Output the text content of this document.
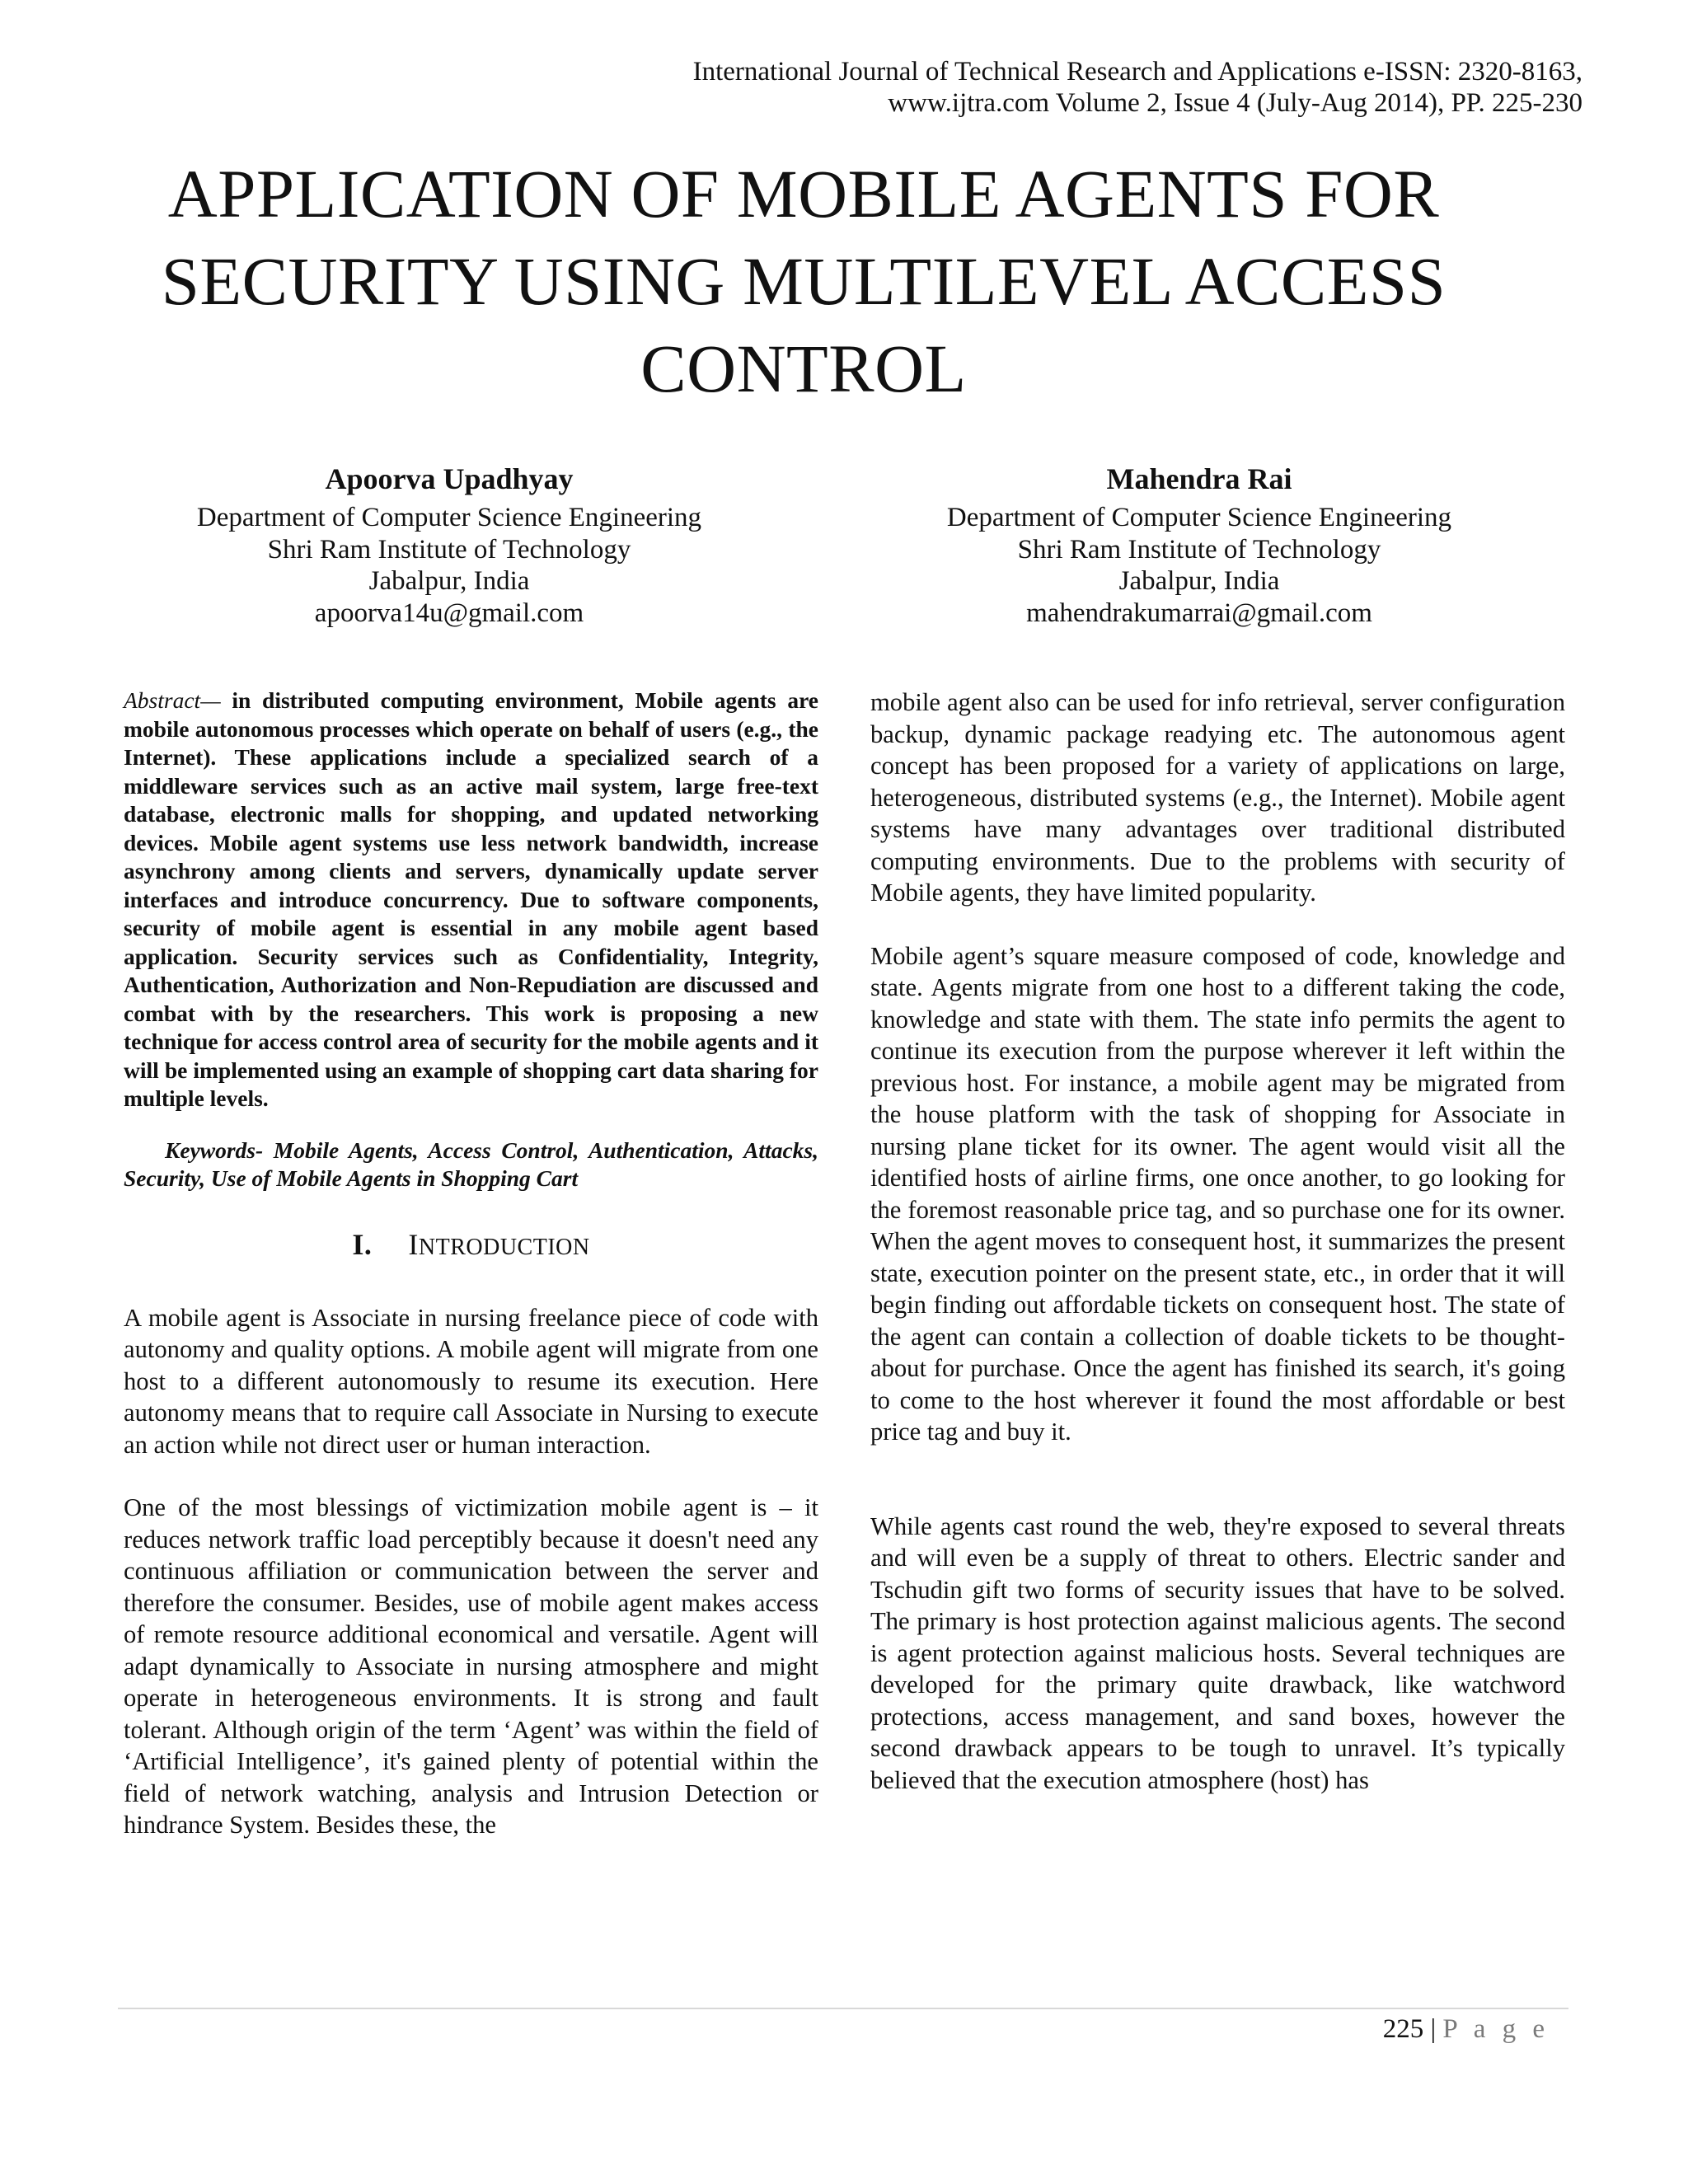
International Journal of Technical Research and Applications e-ISSN: 2320-8163,
www.ijtra.com Volume 2, Issue 4 (July-Aug 2014), PP. 225-230
APPLICATION OF MOBILE AGENTS FOR
SECURITY USING MULTILEVEL ACCESS
CONTROL
Apoorva Upadhyay
Department of Computer Science Engineering
Shri Ram Institute of Technology
Jabalpur, India
apoorva14u@gmail.com
Mahendra Rai
Department of Computer Science Engineering
Shri Ram Institute of Technology
Jabalpur, India
mahendrakumarrai@gmail.com

Abstract— in distributed computing environment, Mobile agents are mobile autonomous processes which operate on behalf of users (e.g., the Internet). These applications include a specialized search of a middleware services such as an active mail system, large free-text database, electronic malls for shopping, and updated networking devices. Mobile agent systems use less network bandwidth, increase asynchrony among clients and servers, dynamically update server interfaces and introduce concurrency. Due to software components, security of mobile agent is essential in any mobile agent based application. Security services such as Confidentiality, Integrity, Authentication, Authorization and Non-Repudiation are discussed and combat with by the researchers. This work is proposing a new technique for access control area of security for the mobile agents and it will be implemented using an example of shopping cart data sharing for multiple levels.

Keywords- Mobile Agents, Access Control, Authentication, Attacks, Security, Use of Mobile Agents in Shopping Cart

I. INTRODUCTION

A mobile agent is Associate in nursing freelance piece of code with autonomy and quality options. A mobile agent will migrate from one host to a different autonomously to resume its execution. Here autonomy means that to require call Associate in Nursing to execute an action while not direct user or human interaction.

One of the most blessings of victimization mobile agent is – it reduces network traffic load perceptibly because it doesn't need any continuous affiliation or communication between the server and therefore the consumer. Besides, use of mobile agent makes access of remote resource additional economical and versatile. Agent will adapt dynamically to Associate in nursing atmosphere and might operate in heterogeneous environments. It is strong and fault tolerant. Although origin of the term ‘Agent’ was within the field of ‘Artificial Intelligence’, it's gained plenty of potential within the field of network watching, analysis and Intrusion Detection or hindrance System. Besides these, the

mobile agent also can be used for info retrieval, server configuration backup, dynamic package readying etc. The autonomous agent concept has been proposed for a variety of applications on large, heterogeneous, distributed systems (e.g., the Internet). Mobile agent systems have many advantages over traditional distributed computing environments. Due to the problems with security of Mobile agents, they have limited popularity.

Mobile agent’s square measure composed of code, knowledge and state. Agents migrate from one host to a different taking the code, knowledge and state with them. The state info permits the agent to continue its execution from the purpose wherever it left within the previous host. For instance, a mobile agent may be migrated from the house platform with the task of shopping for Associate in nursing plane ticket for its owner. The agent would visit all the identified hosts of airline firms, one once another, to go looking for the foremost reasonable price tag, and so purchase one for its owner. When the agent moves to consequent host, it summarizes the present state, execution pointer on the present state, etc., in order that it will begin finding out affordable tickets on consequent host. The state of the agent can contain a collection of doable tickets to be thought-about for purchase. Once the agent has finished its search, it's going to come to the host wherever it found the most affordable or best price tag and buy it.

While agents cast round the web, they're exposed to several threats and will even be a supply of threat to others. Electric sander and Tschudin gift two forms of security issues that have to be solved. The primary is host protection against malicious agents. The second is agent protection against malicious hosts. Several techniques are developed for the primary quite drawback, like watchword protections, access management, and sand boxes, however the second drawback appears to be tough to unravel. It’s typically believed that the execution atmosphere (host) has

225 | P a g e
